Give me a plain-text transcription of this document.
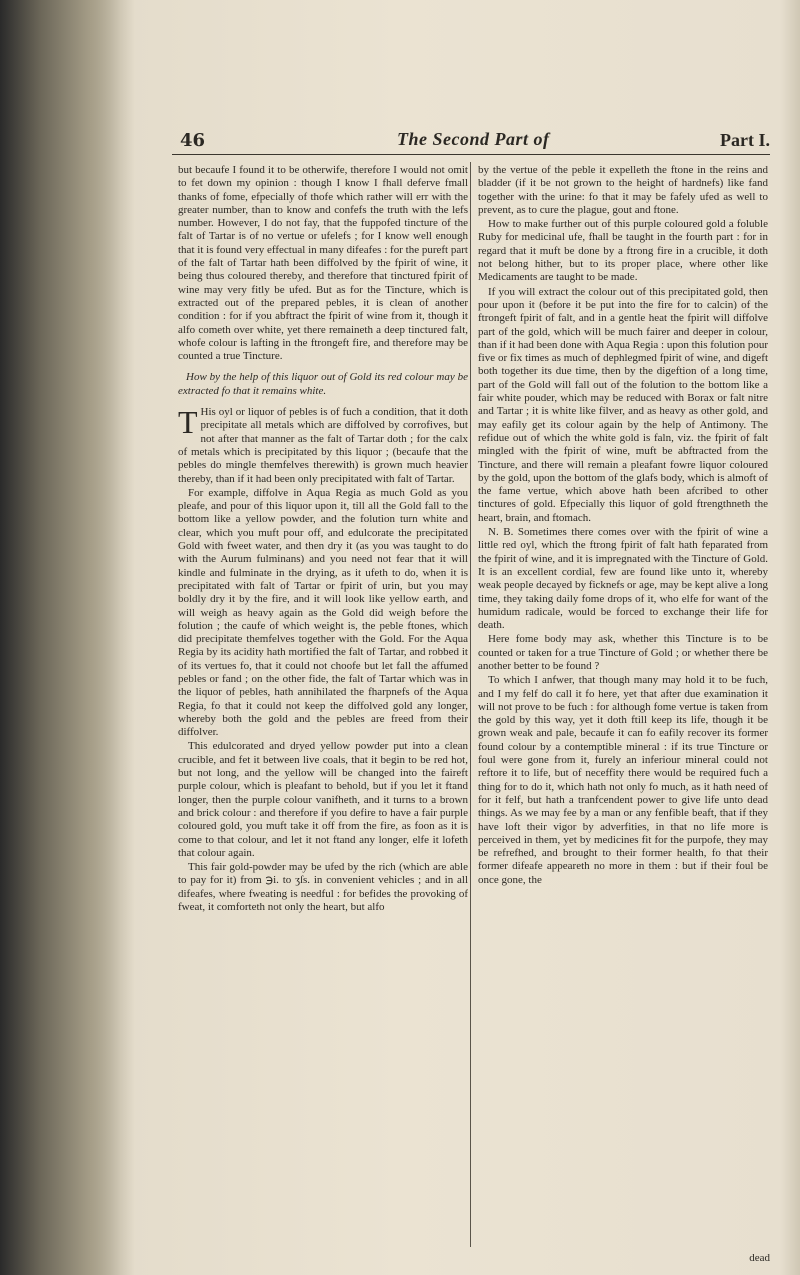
46	The Second Part of	Part I.

but becaufe I found it to be otherwife, therefore I would not omit to fet down my opinion : though I know I fhall deferve fmall thanks of fome, efpecially of thofe which rather will err with the greater number, than to know and confefs the truth with the lefs number. However, I do not fay, that the fuppofed tincture of the falt of Tartar is of no vertue or ufelefs ; for I know well enough that it is found very effectual in many difeafes : for the pureft part of the falt of Tartar hath been diffolved by the fpirit of wine, it being thus coloured thereby, and therefore that tinctured fpirit of wine may very fitly be ufed. But as for the Tincture, which is extracted out of the prepared pebles, it is clean of another condition : for if you abftract the fpirit of wine from it, though it alfo cometh over white, yet there remaineth a deep tinctured falt, whofe colour is lafting in the ftrongeft fire, and therefore may be counted a true Tincture.

How by the help of this liquor out of Gold its red colour may be extracted fo that it remains white.

T His oyl or liquor of pebles is of fuch a condition, that it doth precipitate all metals which are diffolved by corrofives, but not after that manner as the falt of Tartar doth ; for the calx of metals which is precipitated by this liquor ; (becaufe that the pebles do mingle themfelves therewith) is grown much heavier thereby, than if it had been only precipitated with falt of Tartar.

For example, diffolve in Aqua Regia as much Gold as you pleafe, and pour of this liquor upon it, till all the Gold fall to the bottom like a yellow powder, and the folution turn white and clear, which you muft pour off, and edulcorate the precipitated Gold with fweet water, and then dry it (as you was taught to do with the Aurum fulminans) and you need not fear that it will kindle and fulminate in the drying, as it ufeth to do, when it is precipitated with falt of Tartar or fpirit of urin, but you may boldly dry it by the fire, and it will look like yellow earth, and will weigh as heavy again as the Gold did weigh before the folution ; the caufe of which weight is, the peble ftones, which did precipitate themfelves together with the Gold. For the Aqua Regia by its acidity hath mortified the falt of Tartar, and robbed it of its vertues fo, that it could not choofe but let fall the affumed pebles or fand ; on the other fide, the falt of Tartar which was in the liquor of pebles, hath annihilated the fharpnefs of the Aqua Regia, fo that it could not keep the diffolved gold any longer, whereby both the gold and the pebles are freed from their diffolver.

This edulcorated and dryed yellow powder put into a clean crucible, and fet it between live coals, that it begin to be red hot, but not long, and the yellow will be changed into the faireft purple colour, which is pleafant to behold, but if you let it ftand longer, then the purple colour vanifheth, and it turns to a brown and brick colour : and therefore if you defire to have a fair purple coloured gold, you muft take it off from the fire, as foon as it is come to that colour, and let it not ftand any longer, elfe it lofeth that colour again.

This fair gold-powder may be ufed by the rich (which are able to pay for it) from ℈i. to ʒſs. in convenient vehicles ; and in all difeafes, where fweating is needful : for befides the provoking of fweat, it comforteth not only the heart, but alfo

by the vertue of the peble it expelleth the ftone in the reins and bladder (if it be not grown to the height of hardnefs) like fand together with the urine: fo that it may be fafely ufed as well to prevent, as to cure the plague, gout and ftone.

How to make further out of this purple coloured gold a foluble Ruby for medicinal ufe, fhall be taught in the fourth part : for in regard that it muft be done by a ftrong fire in a crucible, it doth not belong hither, but to its proper place, where other like Medicaments are taught to be made.

If you will extract the colour out of this precipitated gold, then pour upon it (before it be put into the fire for to calcin) of the ftrongeft fpirit of falt, and in a gentle heat the fpirit will diffolve part of the gold, which will be much fairer and deeper in colour, than if it had been done with Aqua Regia : upon this folution pour five or fix times as much of dephlegmed fpirit of wine, and digeft both together its due time, then by the digeftion of a long time, part of the Gold will fall out of the folution to the bottom like a fair white pouder, which may be reduced with Borax or falt nitre and Tartar ; it is white like filver, and as heavy as other gold, and may eafily get its colour again by the help of Antimony. The refidue out of which the white gold is faln, viz. the fpirit of falt mingled with the fpirit of wine, muft be abftracted from the Tincture, and there will remain a pleafant fowre liquor coloured by the gold, upon the bottom of the glafs body, which is almoft of the fame vertue, which above hath been afcribed to other tinctures of gold. Efpecially this liquor of gold ftrengthneth the heart, brain, and ftomach.

N. B. Sometimes there comes over with the fpirit of wine a little red oyl, which the ftrong fpirit of falt hath feparated from the fpirit of wine, and it is impregnated with the Tincture of Gold. It is an excellent cordial, few are found like unto it, whereby weak people decayed by ficknefs or age, may be kept alive a long time, they taking daily fome drops of it, who elfe for want of the humidum radicale, would be forced to exchange their life for death.

Here fome body may ask, whether this Tincture is to be counted or taken for a true Tincture of Gold ; or whether there be another better to be found ?

To which I anfwer, that though many may hold it to be fuch, and I my felf do call it fo here, yet that after due examination it will not prove to be fuch : for although fome vertue is taken from the gold by this way, yet it doth ftill keep its life, though it be grown weak and pale, becaufe it can fo eafily recover its former found colour by a contemptible mineral : if its true Tincture or foul were gone from it, furely an inferiour mineral could not reftore it to life, but of neceffity there would be required fuch a thing for to do it, which hath not only fo much, as it hath need of for it felf, but hath a tranfcendent power to give life unto dead things. As we may fee by a man or any fenfible beaft, that if they have loft their vigor by adverfities, in that no life more is perceived in them, yet by medicines fit for the purpofe, they may be refrefhed, and brought to their former health, fo that their former difeafe appeareth no more in them : but if their foul be once gone, the

dead
